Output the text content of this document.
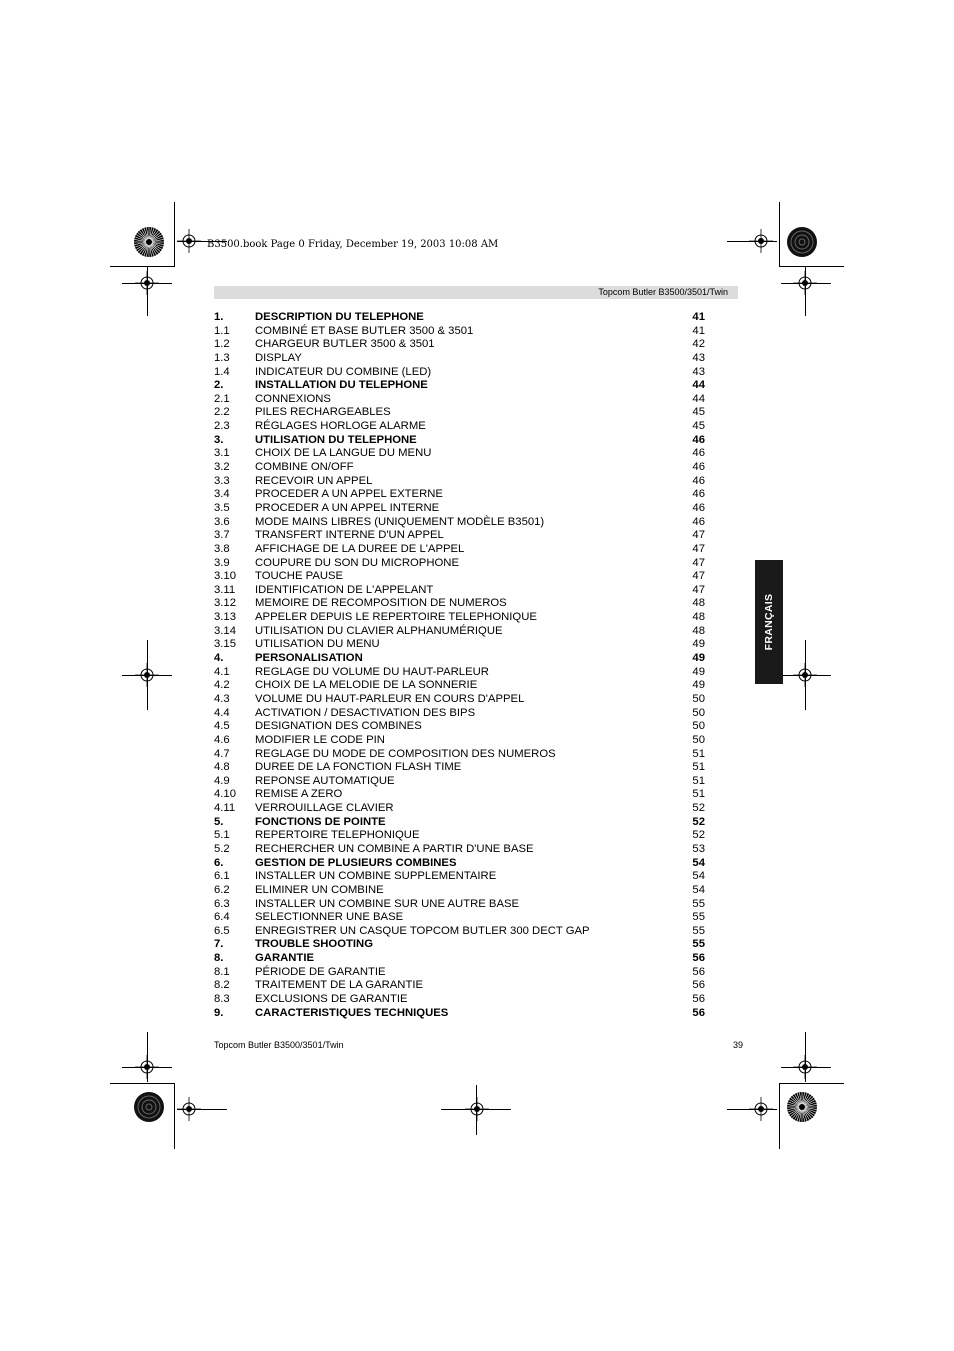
B3500.book Page 0 Friday, December 19, 2003 10:08 AM
Topcom Butler B3500/3501/Twin
1.	DESCRIPTION DU TELEPHONE	41
1.1 COMBINÉ ET BASE BUTLER 3500 & 3501	41
1.2 CHARGEUR BUTLER 3500 & 3501	42
1.3 DISPLAY	43
1.4 INDICATEUR DU COMBINE (LED)	43
2.	INSTALLATION DU TELEPHONE	44
2.1 CONNEXIONS	44
2.2 PILES RECHARGEABLES	45
2.3 RÉGLAGES HORLOGE ALARME	45
3.	UTILISATION DU TELEPHONE	46
3.1 CHOIX DE LA LANGUE DU MENU	46
3.2 COMBINE ON/OFF	46
3.3 RECEVOIR UN APPEL	46
3.4 PROCEDER A UN APPEL EXTERNE	46
3.5 PROCEDER A UN APPEL INTERNE	46
3.6 MODE MAINS LIBRES (UNIQUEMENT MODÈLE B3501)	46
3.7 TRANSFERT INTERNE D'UN APPEL	47
3.8 AFFICHAGE DE LA DUREE DE L'APPEL	47
3.9 COUPURE DU SON DU MICROPHONE	47
3.10 TOUCHE PAUSE	47
3.11 IDENTIFICATION DE L'APPELANT	47
3.12 MEMOIRE DE RECOMPOSITION DE NUMEROS	48
3.13 APPELER DEPUIS LE REPERTOIRE TELEPHONIQUE	48
3.14 UTILISATION DU CLAVIER ALPHANUMÉRIQUE	48
3.15 UTILISATION DU MENU	49
4.	PERSONALISATION	49
4.1 REGLAGE DU VOLUME DU HAUT-PARLEUR	49
4.2 CHOIX DE LA MELODIE DE LA SONNERIE	49
4.3 VOLUME DU HAUT-PARLEUR EN COURS D'APPEL	50
4.4 ACTIVATION / DESACTIVATION DES BIPS	50
4.5 DESIGNATION DES COMBINES	50
4.6 MODIFIER LE CODE PIN	50
4.7 REGLAGE DU MODE DE COMPOSITION DES NUMEROS	51
4.8 DUREE DE LA FONCTION FLASH TIME	51
4.9 REPONSE AUTOMATIQUE	51
4.10 REMISE A ZERO	51
4.11 VERROUILLAGE CLAVIER	52
5.	FONCTIONS DE POINTE	52
5.1 REPERTOIRE TELEPHONIQUE	52
5.2 RECHERCHER UN COMBINE A PARTIR D'UNE BASE	53
6.	GESTION DE PLUSIEURS COMBINES	54
6.1 INSTALLER UN COMBINE SUPPLEMENTAIRE	54
6.2 ELIMINER UN COMBINE	54
6.3 INSTALLER UN COMBINE SUR UNE AUTRE BASE	55
6.4 SELECTIONNER UNE BASE	55
6.5 ENREGISTRER UN CASQUE TOPCOM BUTLER 300 DECT GAP	55
7.	TROUBLE SHOOTING	55
8.	GARANTIE	56
8.1 PÉRIODE DE GARANTIE	56
8.2 TRAITEMENT DE LA GARANTIE	56
8.3 EXCLUSIONS DE GARANTIE	56
9.	CARACTERISTIQUES TECHNIQUES	56
FRANÇAIS
Topcom Butler B3500/3501/Twin	39
